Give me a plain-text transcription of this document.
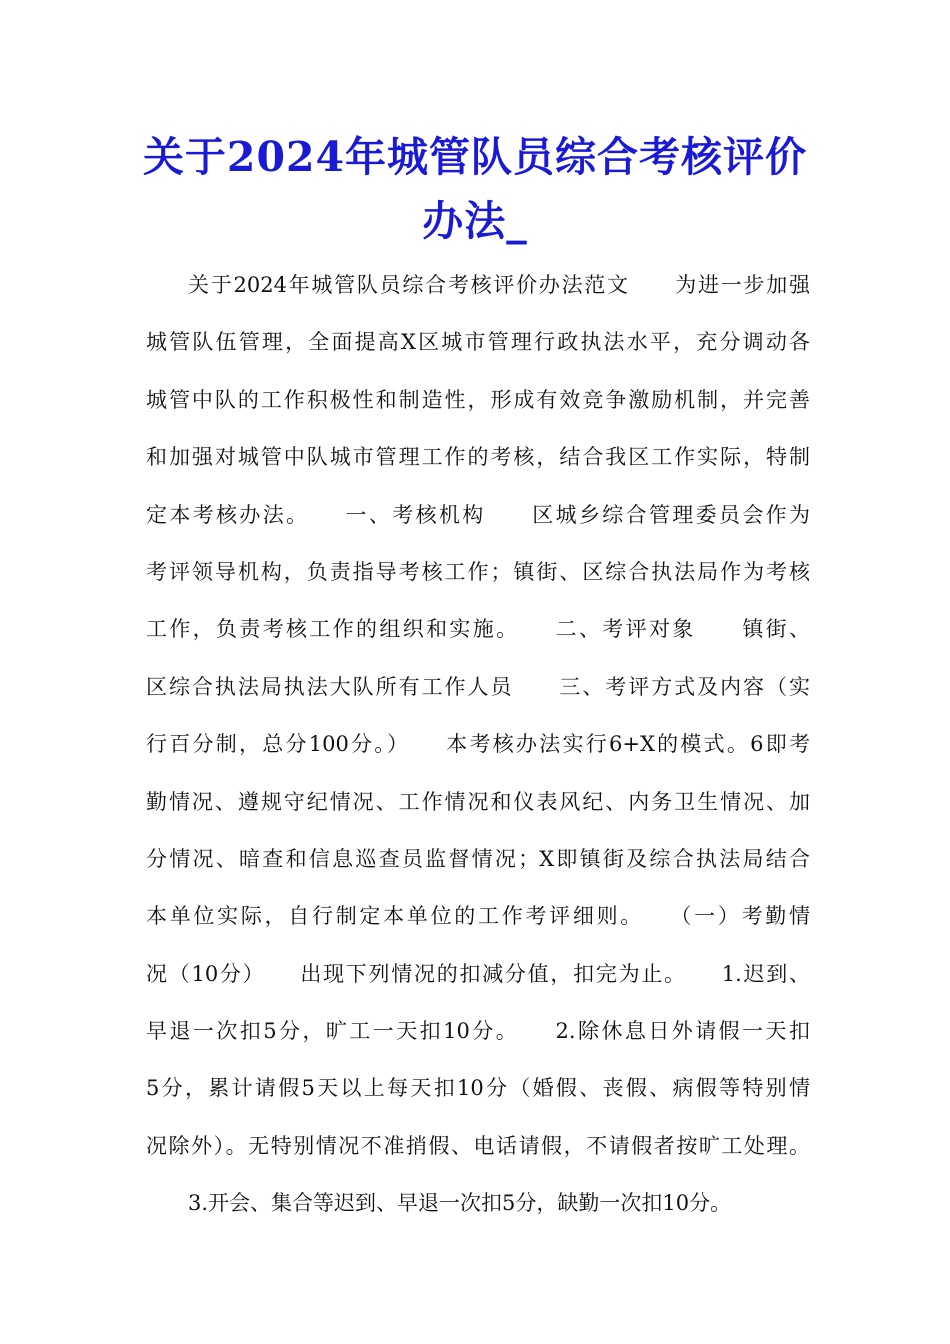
关于2024年城管队员综合考核评价
办法_
关于2024年城管队员综合考核评价办法范文　　为进一步加强
城管队伍管理，全面提高X区城市管理行政执法水平，充分调动各
城管中队的工作积极性和制造性，形成有效竞争激励机制，并完善
和加强对城管中队城市管理工作的考核，结合我区工作实际，特制
定本考核办法。　　一、考核机构　　区城乡综合管理委员会作为
考评领导机构，负责指导考核工作；镇街、区综合执法局作为考核
工作，负责考核工作的组织和实施。　　二、考评对象　　镇街、
区综合执法局执法大队所有工作人员　　三、考评方式及内容（实
行百分制，总分100分。）　　本考核办法实行6+X的模式。6即考
勤情况、遵规守纪情况、工作情况和仪表风纪、内务卫生情况、加
分情况、暗查和信息巡查员监督情况；X即镇街及综合执法局结合
本单位实际，自行制定本单位的工作考评细则。　　（一）考勤情
况（10分）　　出现下列情况的扣减分值，扣完为止。　　1.迟到、
早退一次扣5分，旷工一天扣10分。　　2.除休息日外请假一天扣
5分，累计请假5天以上每天扣10分（婚假、丧假、病假等特别情
况除外）。无特别情况不准捎假、电话请假，不请假者按旷工处理。
3.开会、集合等迟到、早退一次扣5分，缺勤一次扣10分。
